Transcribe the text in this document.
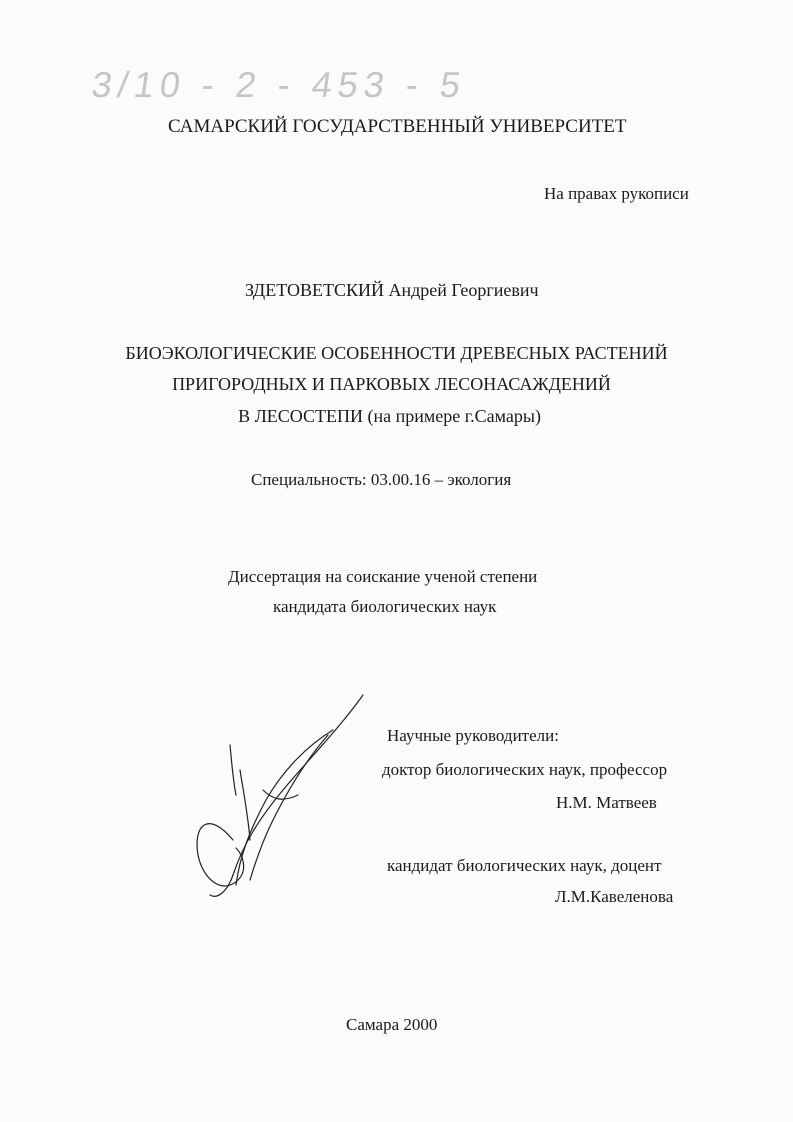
3/10 - 2 - 453 - 5
САМАРСКИЙ ГОСУДАРСТВЕННЫЙ УНИВЕРСИТЕТ
На правах рукописи
ЗДЕТОВЕТСКИЙ Андрей Георгиевич
БИОЭКОЛОГИЧЕСКИЕ ОСОБЕННОСТИ ДРЕВЕСНЫХ РАСТЕНИЙ
ПРИГОРОДНЫХ И ПАРКОВЫХ ЛЕСОНАСАЖДЕНИЙ
В ЛЕСОСТЕПИ (на примере г.Самары)
Специальность: 03.00.16 – экология
Диссертация на соискание ученой степени
кандидата биологических наук
Научные руководители:
доктор биологических наук, профессор
Н.М. Матвеев
кандидат биологических наук, доцент
Л.М.Кавеленова
Самара 2000
